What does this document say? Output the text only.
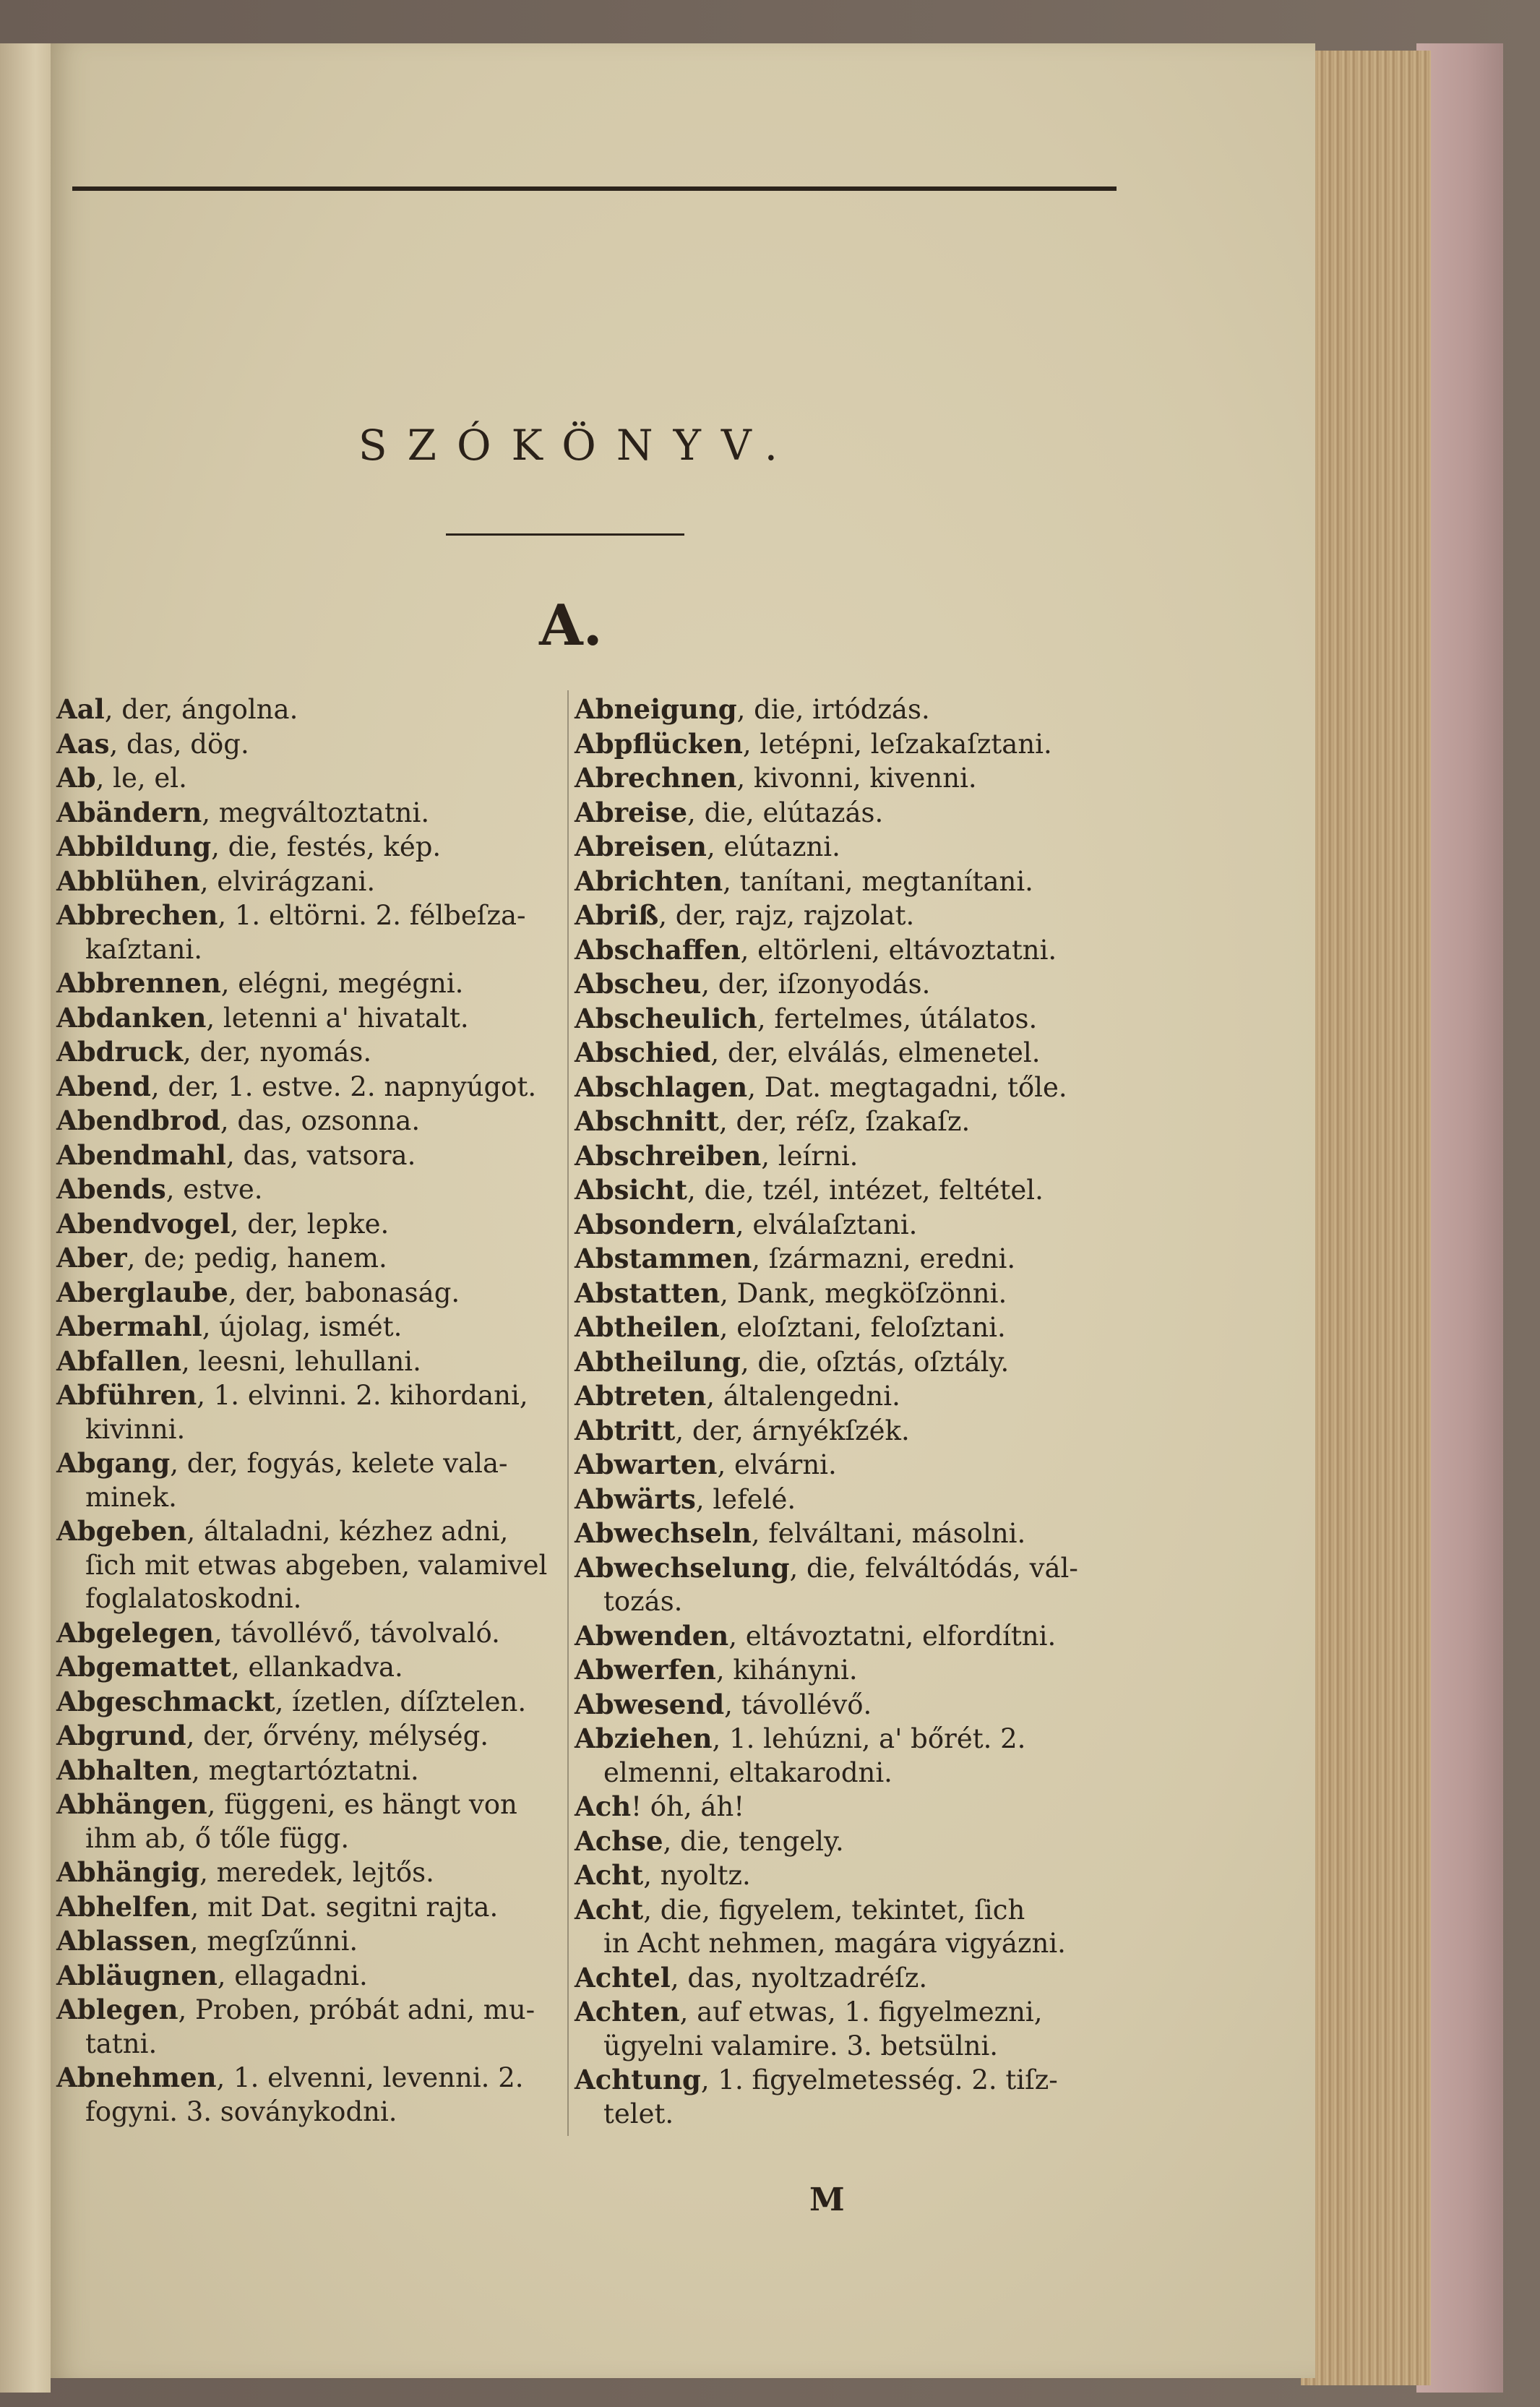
SZÓKÖNYV.
A.
Aal, der, ángolna.
Aas, das, dög.
Ab, le, el.
Abändern, megváltoztatni.
Abbildung, die, festés, kép.
Abblühen, elvirágzani.
Abbrechen, 1. eltörni. 2. félbeſza-
kaſztani.
Abbrennen, elégni, megégni.
Abdanken, letenni a' hivatalt.
Abdruck, der, nyomás.
Abend, der, 1. estve. 2. napnyúgot.
Abendbrod, das, ozsonna.
Abendmahl, das, vatsora.
Abends, estve.
Abendvogel, der, lepke.
Aber, de; pedig, hanem.
Aberglaube, der, babonaság.
Abermahl, újolag, ismét.
Abfallen, leesni, lehullani.
Abführen, 1. elvinni. 2. kihordani,
kivinni.
Abgang, der, fogyás, kelete vala-
minek.
Abgeben, általadni, kézhez adni,
ſich mit etwas abgeben, valamivel
foglalatoskodni.
Abgelegen, távollévő, távolvaló.
Abgemattet, ellankadva.
Abgeschmackt, ízetlen, díſztelen.
Abgrund, der, őrvény, mélység.
Abhalten, megtartóztatni.
Abhängen, függeni, es hängt von
ihm ab, ő tőle függ.
Abhängig, meredek, lejtős.
Abhelfen, mit Dat. segitni rajta.
Ablassen, megſzűnni.
Abläugnen, ellagadni.
Ablegen, Proben, próbát adni, mu-
tatni.
Abnehmen, 1. elvenni, levenni. 2.
fogyni. 3. soványkodni.
Abneigung, die, irtódzás.
Abpflücken, letépni, leſzakaſztani.
Abrechnen, kivonni, kivenni.
Abreise, die, elútazás.
Abreisen, elútazni.
Abrichten, tanítani, megtanítani.
Abriß, der, rajz, rajzolat.
Abschaffen, eltörleni, eltávoztatni.
Abscheu, der, iſzonyodás.
Abscheulich, fertelmes, útálatos.
Abschied, der, elválás, elmenetel.
Abschlagen, Dat. megtagadni, tőle.
Abschnitt, der, réſz, ſzakaſz.
Abschreiben, leírni.
Absicht, die, tzél, intézet, feltétel.
Absondern, elválaſztani.
Abstammen, ſzármazni, eredni.
Abstatten, Dank, megköſzönni.
Abtheilen, eloſztani, feloſztani.
Abtheilung, die, oſztás, oſztály.
Abtreten, általengedni.
Abtritt, der, árnyékſzék.
Abwarten, elvárni.
Abwärts, lefelé.
Abwechseln, felváltani, másolni.
Abwechselung, die, felváltódás, vál-
tozás.
Abwenden, eltávoztatni, elfordítni.
Abwerfen, kihányni.
Abwesend, távollévő.
Abziehen, 1. lehúzni, a' bőrét. 2.
elmenni, eltakarodni.
Ach! óh, áh!
Achse, die, tengely.
Acht, nyoltz.
Acht, die, figyelem, tekintet, ſich
in Acht nehmen, magára vigyázni.
Achtel, das, nyoltzadréſz.
Achten, auf etwas, 1. figyelmezni,
ügyelni valamire. 3. betsülni.
Achtung, 1. figyelmetesség. 2. tiſz-
telet.
M
